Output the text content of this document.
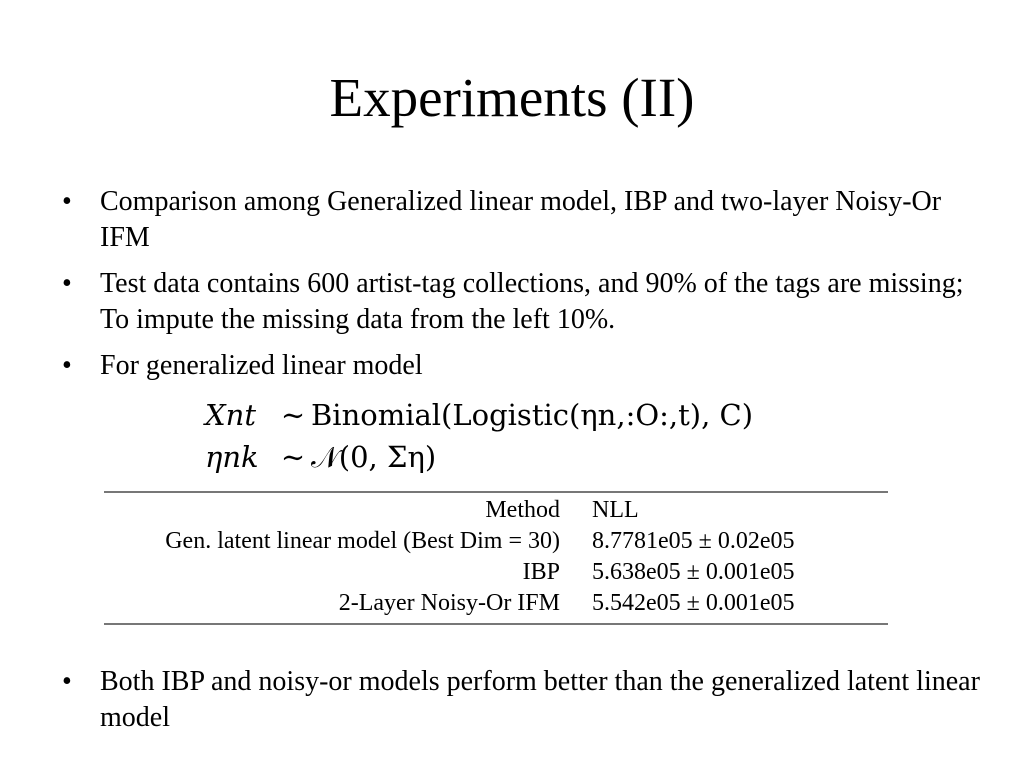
Experiments (II)
• Comparison among Generalized linear model, IBP and two-layer Noisy-Or IFM
• Test data contains 600 artist-tag collections, and 90% of the tags are missing; To impute the missing data from the left 10%.
• For generalized linear model
Xnt ∼ Binomial(Logistic(ηn,:O:,t), C)
ηnk ∼ 𝒩(0, Ση)
Method	NLL
Gen. latent linear model (Best Dim = 30)	8.7781e05 ± 0.02e05
IBP	5.638e05 ± 0.001e05
2-Layer Noisy-Or IFM	5.542e05 ± 0.001e05
• Both IBP and noisy-or models perform better than the generalized latent linear model
